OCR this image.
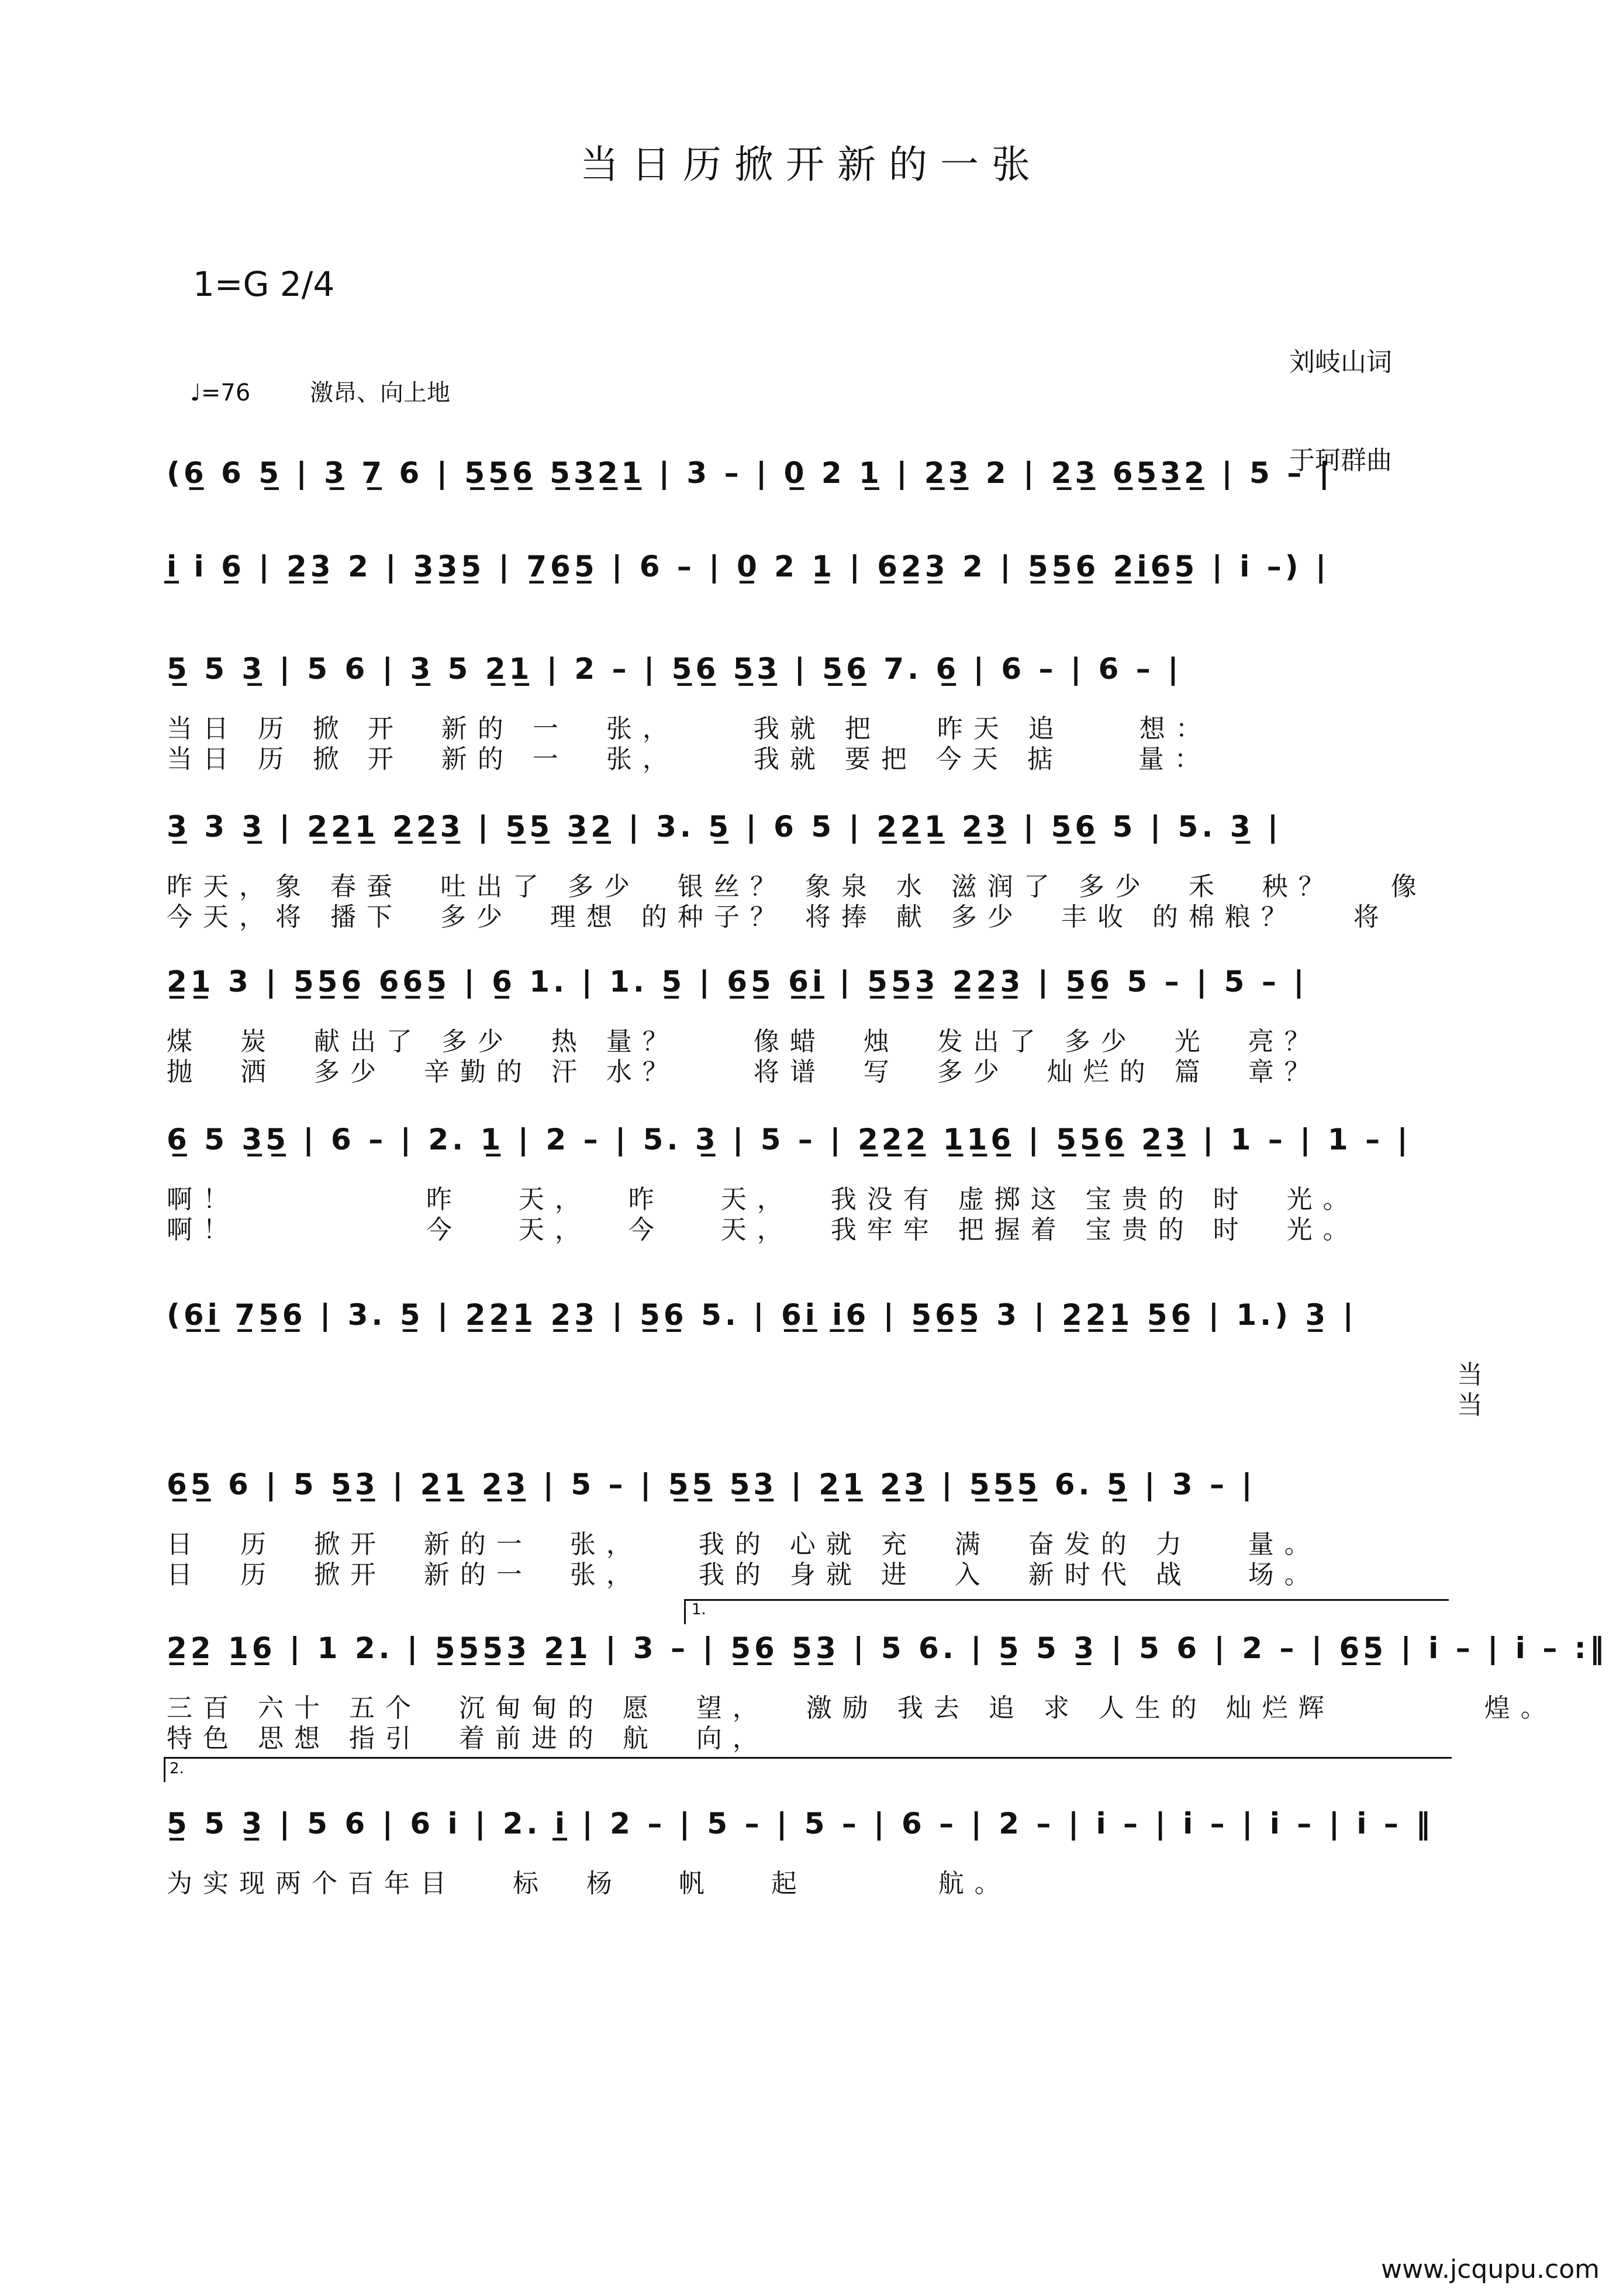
当日历掀开新的一张
1=G 2/4

刘岐山词

于珂群曲

♩=76        激昂、向上地
(6̲ 6 5̲ | 3̲ 7̲ 6 | 5̲5̲6̲ 5̲3̲2̲1̲ | 3 – | 0̲ 2 1̲ | 2̲3̲ 2 | 2̲3̲ 6̲5̲3̲2̲ | 5 – |
i̲ i 6̲ | 2̲3̲ 2 | 3̲3̲5̲ | 7̲6̲5̲ | 6 – | 0̲ 2 1̲ | 6̲2̲3̲ 2 | 5̲5̲6̲ 2̲i̲6̲5̲ | i –) |
5̲ 5 3̲ | 5 6 | 3̲ 5 2̲1̲ | 2 – | 5̲6̲ 5̲3̲ | 5̲6̲ 7. 6̲ | 6 – | 6 – |
当日 历 掀 开  新的 一  张，    我就 把   昨天 追    想：
当日 历 掀 开  新的 一  张，    我就 要把 今天 掂    量：
3̲ 3 3̲ | 2̲2̲1̲ 2̲2̲3̲ | 5̲5̲ 3̲2̲ | 3. 5̲ | 6 5 | 2̲2̲1̲ 2̲3̲ | 5̲6̲ 5 | 5. 3̲ |
昨天，象 春蚕  吐出了 多少  银丝？ 象泉 水 滋润了 多少  禾  秧？   像
今天，将 播下  多少  理想 的种子？ 将捧 献 多少  丰收 的棉粮？   将
2̲1̲ 3 | 5̲5̲6̲ 6̲6̲5̲ | 6̲ 1. | 1. 5̲ | 6̲5̲ 6̲i̲ | 5̲5̲3̲ 2̲2̲3̲ | 5̲6̲ 5 – | 5 – |
煤  炭  献出了 多少  热 量？    像蜡  烛  发出了 多少  光  亮？
抛  洒  多少  辛勤的 汗 水？    将谱  写  多少  灿烂的 篇  章？
6̲ 5 3̲5̲ | 6 – | 2. 1̲ | 2 – | 5. 3̲ | 5 – | 2̲2̲2̲ 1̲1̲6̲ | 5̲5̲6̲ 2̲3̲ | 1 – | 1 – |
啊！          昨   天，  昨   天，  我没有 虚掷这 宝贵的 时  光。
啊！          今   天，  今   天，  我牢牢 把握着 宝贵的 时  光。
(6̲i̲ 7̲5̲6̲ | 3. 5̲ | 2̲2̲1̲ 2̲3̲ | 5̲6̲ 5. | 6̲i̲ i̲6̲ | 5̲6̲5̲ 3 | 2̲2̲1̲ 5̲6̲ | 1.) 3̲ |
当
当
6̲5̲ 6 | 5 5̲3̲ | 2̲1̲ 2̲3̲ | 5 – | 5̲5̲ 5̲3̲ | 2̲1̲ 2̲3̲ | 5̲5̲5̲ 6. 5̲ | 3 – |
日  历  掀开  新的一  张，   我的 心就 充  满  奋发的 力   量。
日  历  掀开  新的一  张，   我的 身就 进  入  新时代 战   场。
2̲2̲ 1̲6̲ | 1 2. | 5̲5̲5̲3̲ 2̲1̲ | 3 – | 5̲6̲ 5̲3̲ | 5 6. | 5̲ 5 3̲ | 5 6 | 2 – | 6̲5̲ | i – | i – :‖
三百 六十 五个  沉甸甸的 愿  望，  激励 我去 追 求 人生的 灿烂辉        煌。
特色 思想 指引  着前进的 航  向，
5̲ 5 3̲ | 5 6 | 6 i | 2. i̲ | 2 – | 5 – | 5 – | 6 – | 2 – | i – | i – | i – | i – ‖
为实现两个百年目   标  杨   帆   起       航。
1.
2.
www.jcqupu.com
